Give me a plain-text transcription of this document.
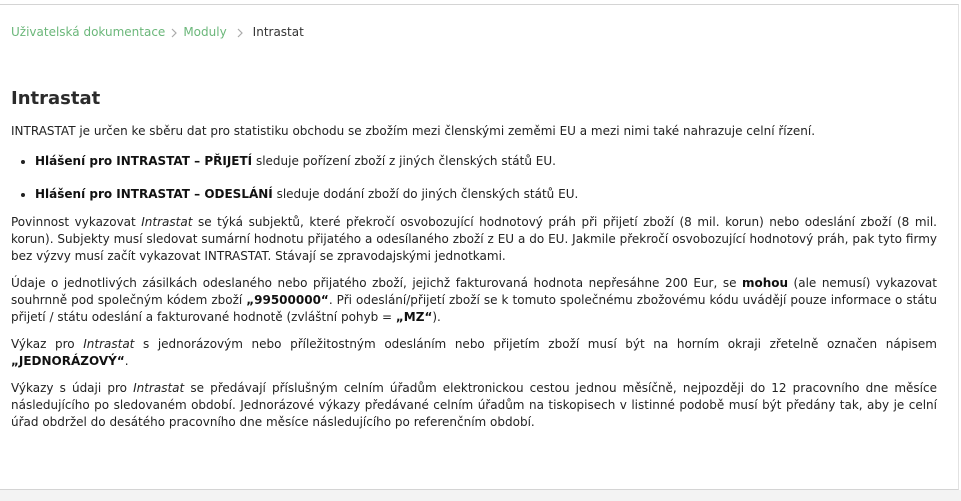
Uživatelská dokumentace Moduly Intrastat
Intrastat

INTRASTAT je určen ke sběru dat pro statistiku obchodu se zbožím mezi členskými zeměmi EU a mezi nimi také nahrazuje celní řízení.

• Hlášení pro INTRASTAT – PŘIJETÍ sleduje pořízení zboží z jiných členských států EU.
• Hlášení pro INTRASTAT – ODESLÁNÍ sleduje dodání zboží do jiných členských států EU.

Povinnost vykazovat Intrastat se týká subjektů, které překročí osvobozující hodnotový práh při přijetí zboží (8 mil. korun) nebo odeslání zboží (8 mil. korun). Subjekty musí sledovat sumární hodnotu přijatého a odesílaného zboží z EU a do EU. Jakmile překročí osvobozující hodnotový práh, pak tyto firmy bez výzvy musí začít vykazovat INTRASTAT. Stávají se zpravodajskými jednotkami.

Údaje o jednotlivých zásilkách odeslaného nebo přijatého zboží, jejichž fakturovaná hodnota nepřesáhne 200 Eur, se mohou (ale nemusí) vykazovat souhrnně pod společným kódem zboží „99500000“. Při odeslání/přijetí zboží se k tomuto společnému zbožovému kódu uvádějí pouze informace o státu přijetí / státu odeslání a fakturované hodnotě (zvláštní pohyb = „MZ“).

Výkaz pro Intrastat s jednorázovým nebo příležitostným odesláním nebo přijetím zboží musí být na horním okraji zřetelně označen nápisem „JEDNORÁZOVÝ“.

Výkazy s údaji pro Intrastat se předávají příslušným celním úřadům elektronickou cestou jednou měsíčně, nejpozději do 12 pracovního dne měsíce následujícího po sledovaném období. Jednorázové výkazy předávané celním úřadům na tiskopisech v listinné podobě musí být předány tak, aby je celní úřad obdržel do desátého pracovního dne měsíce následujícího po referenčním období.
